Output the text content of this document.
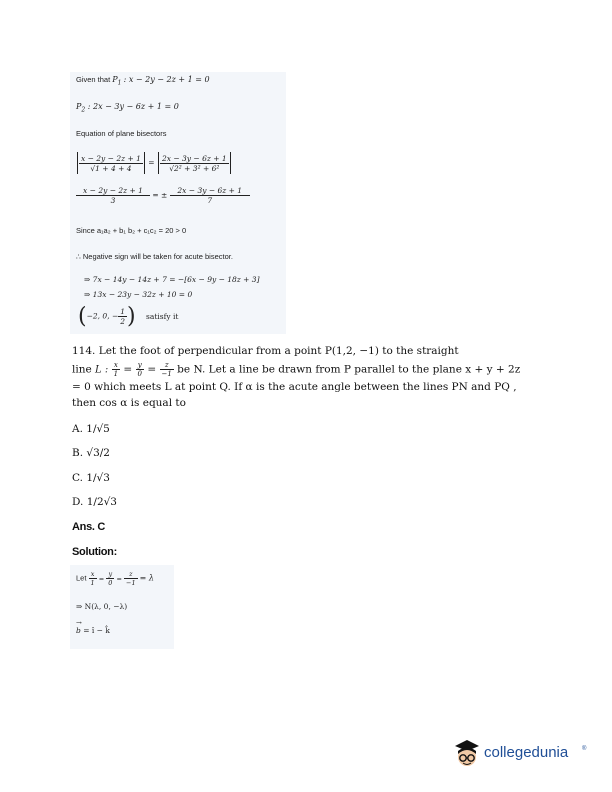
Given that $P_1$ : x − 2y − 2z + 1 = 0
$P_2$ : 2x − 3y − 6z + 1 = 0
Equation of plane bisectors
$\frac{x - 2y - 2z + 1}{√1 + 4 + 4} = \frac{2x - 3y - 6z + 1}{\text{√2² + 3² + 6²}}$
$\frac{x - 2y - 2z + 1}{3}$ = ± $\frac{2x - 3y - 6z + 1}{7}$
Since a₁a₂ + b₁ b₂ + c₁c₂ = 20 > 0
∴ Negative sign will be taken for acute bisector.
⇒ 7x − 14y − 14z + 7 = −[6x − 9y − 18z + 3]
⇒ 13x − 23y − 32z + 10 = 0
(−2, 0, − $\frac{1}{2}$ ) satisfy it
114. Let the foot of perpendicular from a point P(1,2, −1) to the straight
line L : $\frac{x}{1} = \frac{y}{0} = \frac{z}{-1}$ be N. Let a line be drawn from P parallel to the plane x + y + 2z
= 0 which meets L at point Q. If α is the acute angle between the lines PN and PQ ,
then cos α is equal to
A. 1/√5
B. √3/2
C. 1/√3
D. 1/2√3
Ans. C
Solution:
Let $\frac{x}{1} = \frac{y}{0} = \frac{z}{-1} = \lambda$
⇒ N(λ, 0, −λ)
→
b = î − k̂
collegedunia ®
